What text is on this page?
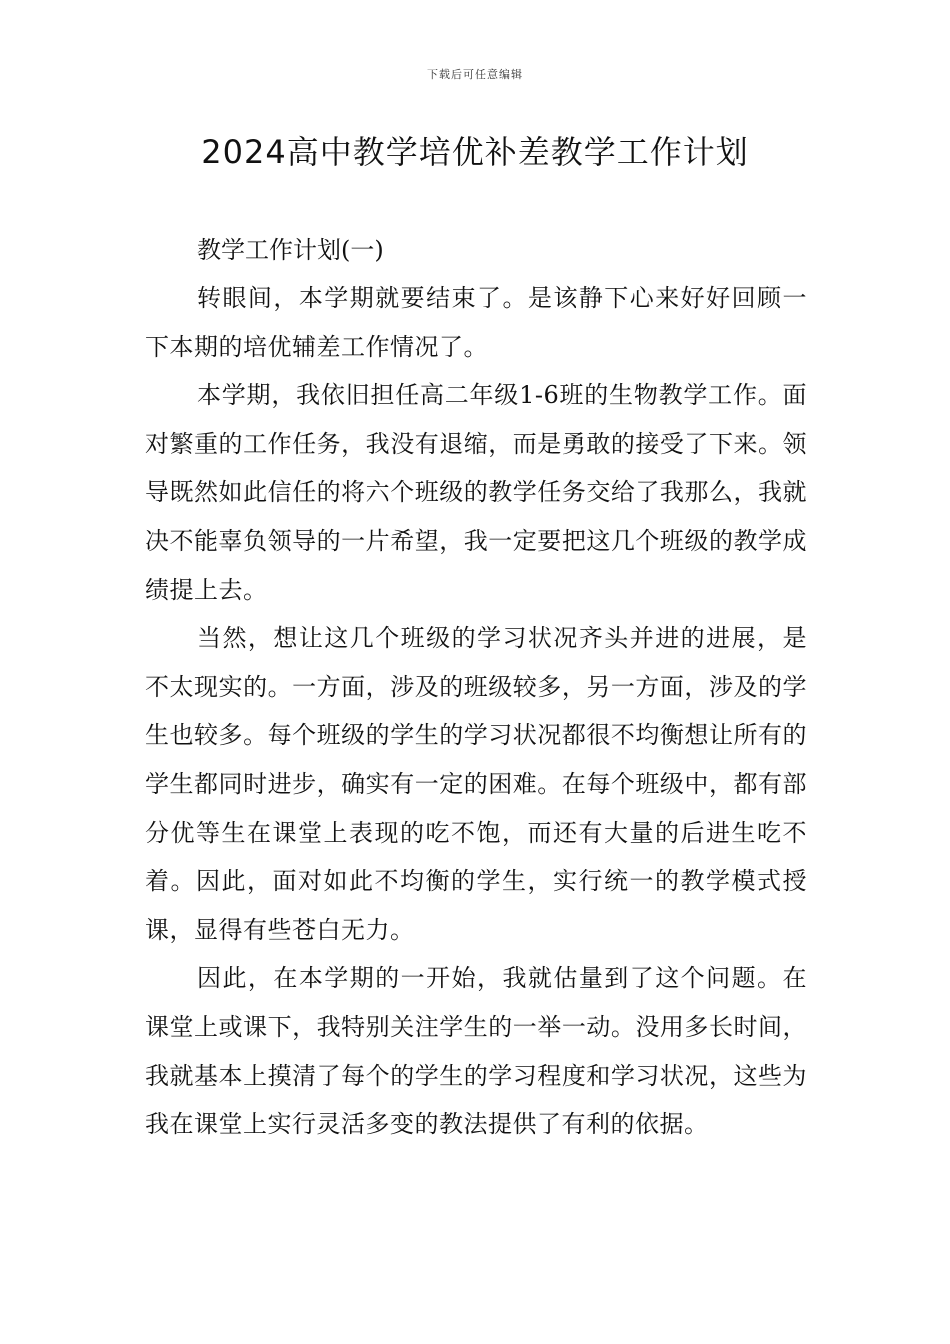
下载后可任意编辑
2024高中教学培优补差教学工作计划
教学工作计划(一)

转眼间，本学期就要结束了。是该静下心来好好回顾一下本期的培优辅差工作情况了。

本学期，我依旧担任高二年级1-6班的生物教学工作。面对繁重的工作任务，我没有退缩，而是勇敢的接受了下来。领导既然如此信任的将六个班级的教学任务交给了我那么，我就决不能辜负领导的一片希望，我一定要把这几个班级的教学成绩提上去。

当然，想让这几个班级的学习状况齐头并进的进展，是不太现实的。一方面，涉及的班级较多，另一方面，涉及的学生也较多。每个班级的学生的学习状况都很不均衡想让所有的学生都同时进步，确实有一定的困难。在每个班级中，都有部分优等生在课堂上表现的吃不饱，而还有大量的后进生吃不着。因此，面对如此不均衡的学生，实行统一的教学模式授课，显得有些苍白无力。

因此，在本学期的一开始，我就估量到了这个问题。在课堂上或课下，我特别关注学生的一举一动。没用多长时间，我就基本上摸清了每个的学生的学习程度和学习状况，这些为我在课堂上实行灵活多变的教法提供了有利的依据。
